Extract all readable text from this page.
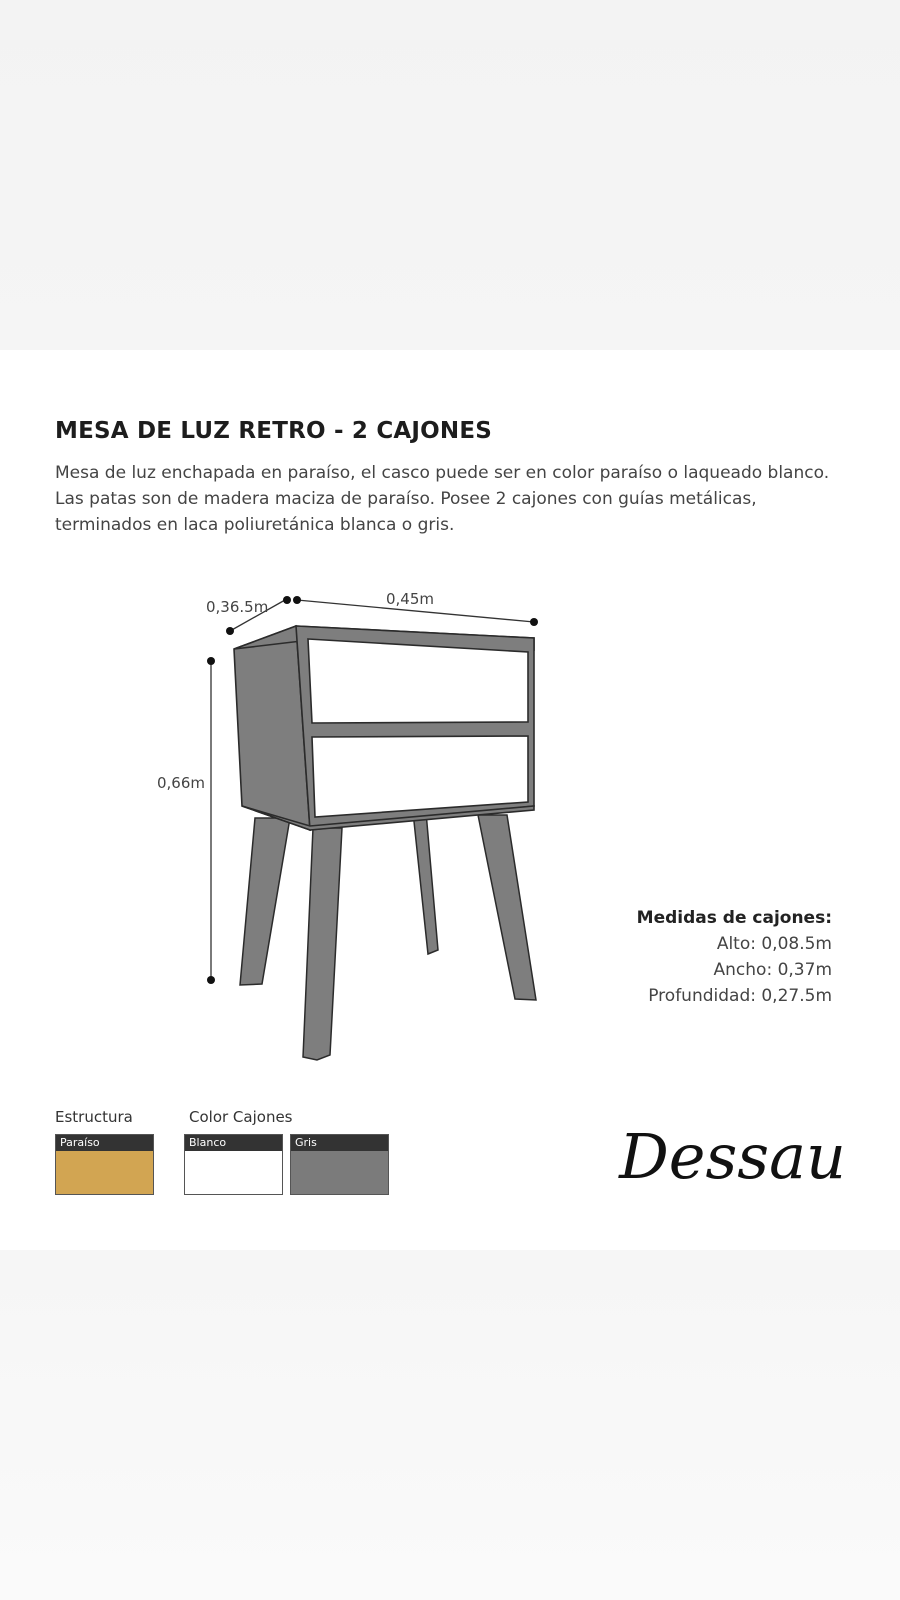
MESA DE LUZ RETRO - 2 CAJONES
Mesa de luz enchapada en paraíso, el casco puede ser en color paraíso o laqueado blanco.
Las patas son de madera maciza de paraíso. Posee 2 cajones con guías metálicas,
terminados en laca poliuretánica blanca o gris.
0,36.5m	0,45m
0,66m
Medidas de cajones:
Alto: 0,08.5m
Ancho: 0,37m
Profundidad: 0,27.5m
Estructura	Color Cajones
Paraíso	Blanco	Gris	Dessau
